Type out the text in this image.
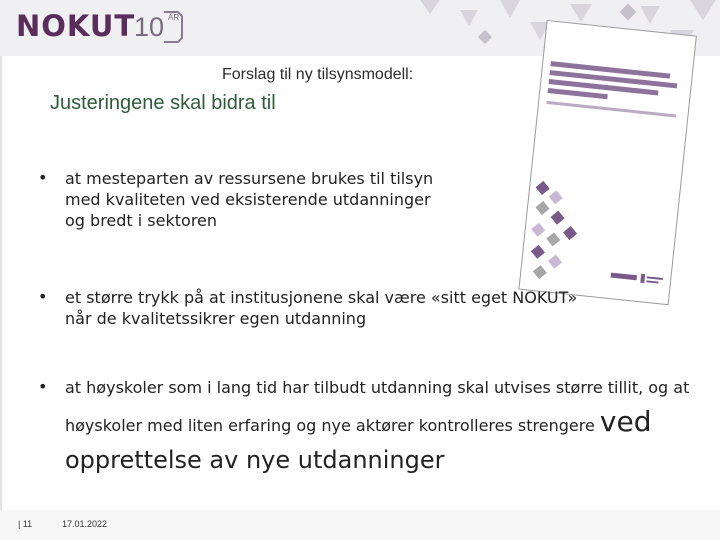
NOKUT
10 ÅR
Forslag til ny tilsynsmodell:
Justeringene skal bidra til
• at mesteparten av ressursene brukes til tilsyn med kvaliteten ved eksisterende utdanninger og bredt i sektoren
• et større trykk på at institusjonene skal være «sitt eget NOKUT» når de kvalitetssikrer egen utdanning
• at høyskoler som i lang tid har tilbudt utdanning skal utvises større tillit, og at
høyskoler med liten erfaring og nye aktører kontrolleres strengere ved
opprettelse av nye utdanninger
| 11	17.01.2022
